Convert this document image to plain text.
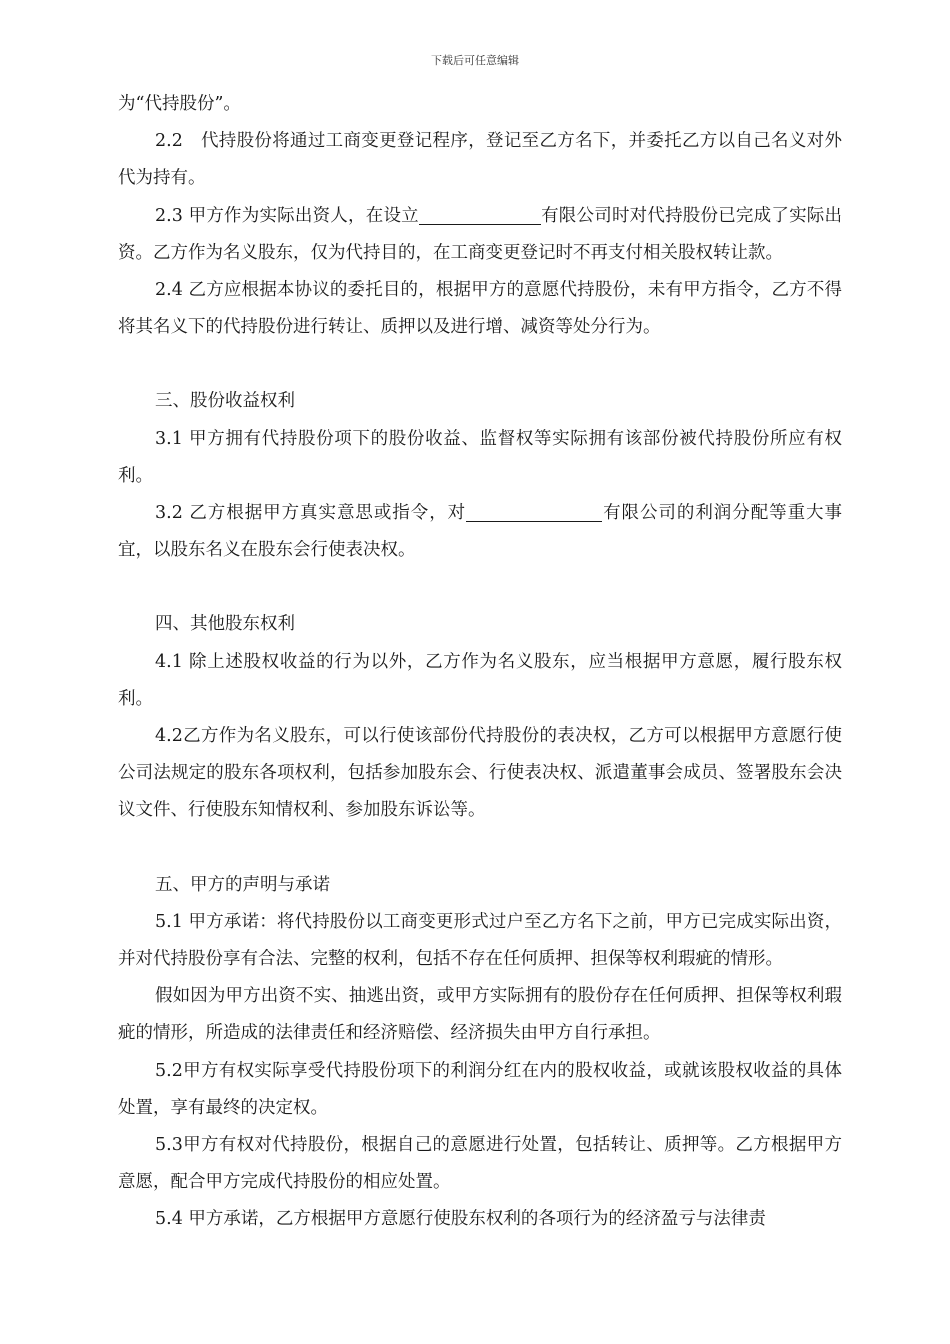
下载后可任意编辑

为“代持股份”。

2.2　代持股份将通过工商变更登记程序，登记至乙方名下，并委托乙方以自己名义对外代为持有。

2.3 甲方作为实际出资人，在设立	有限公司时对代持股份已完成了实际出资。乙方作为名义股东，仅为代持目的，在工商变更登记时不再支付相关股权转让款。

2.4 乙方应根据本协议的委托目的，根据甲方的意愿代持股份，未有甲方指令，乙方不得将其名义下的代持股份进行转让、质押以及进行增、减资等处分行为。

三、股份收益权利

3.1 甲方拥有代持股份项下的股份收益、监督权等实际拥有该部份被代持股份所应有权利。

3.2 乙方根据甲方真实意思或指令，对	有限公司的利润分配等重大事宜，以股东名义在股东会行使表决权。

四、其他股东权利

4.1 除上述股权收益的行为以外，乙方作为名义股东，应当根据甲方意愿，履行股东权利。

4.2乙方作为名义股东，可以行使该部份代持股份的表决权，乙方可以根据甲方意愿行使公司法规定的股东各项权利，包括参加股东会、行使表决权、派遣董事会成员、签署股东会决议文件、行使股东知情权利、参加股东诉讼等。

五、甲方的声明与承诺

5.1 甲方承诺：将代持股份以工商变更形式过户至乙方名下之前，甲方已完成实际出资，并对代持股份享有合法、完整的权利，包括不存在任何质押、担保等权利瑕疵的情形。

假如因为甲方出资不实、抽逃出资，或甲方实际拥有的股份存在任何质押、担保等权利瑕疵的情形，所造成的法律责任和经济赔偿、经济损失由甲方自行承担。

5.2甲方有权实际享受代持股份项下的利润分红在内的股权收益，或就该股权收益的具体处置，享有最终的决定权。

5.3甲方有权对代持股份，根据自己的意愿进行处置，包括转让、质押等。乙方根据甲方意愿，配合甲方完成代持股份的相应处置。

5.4 甲方承诺，乙方根据甲方意愿行使股东权利的各项行为的经济盈亏与法律责
